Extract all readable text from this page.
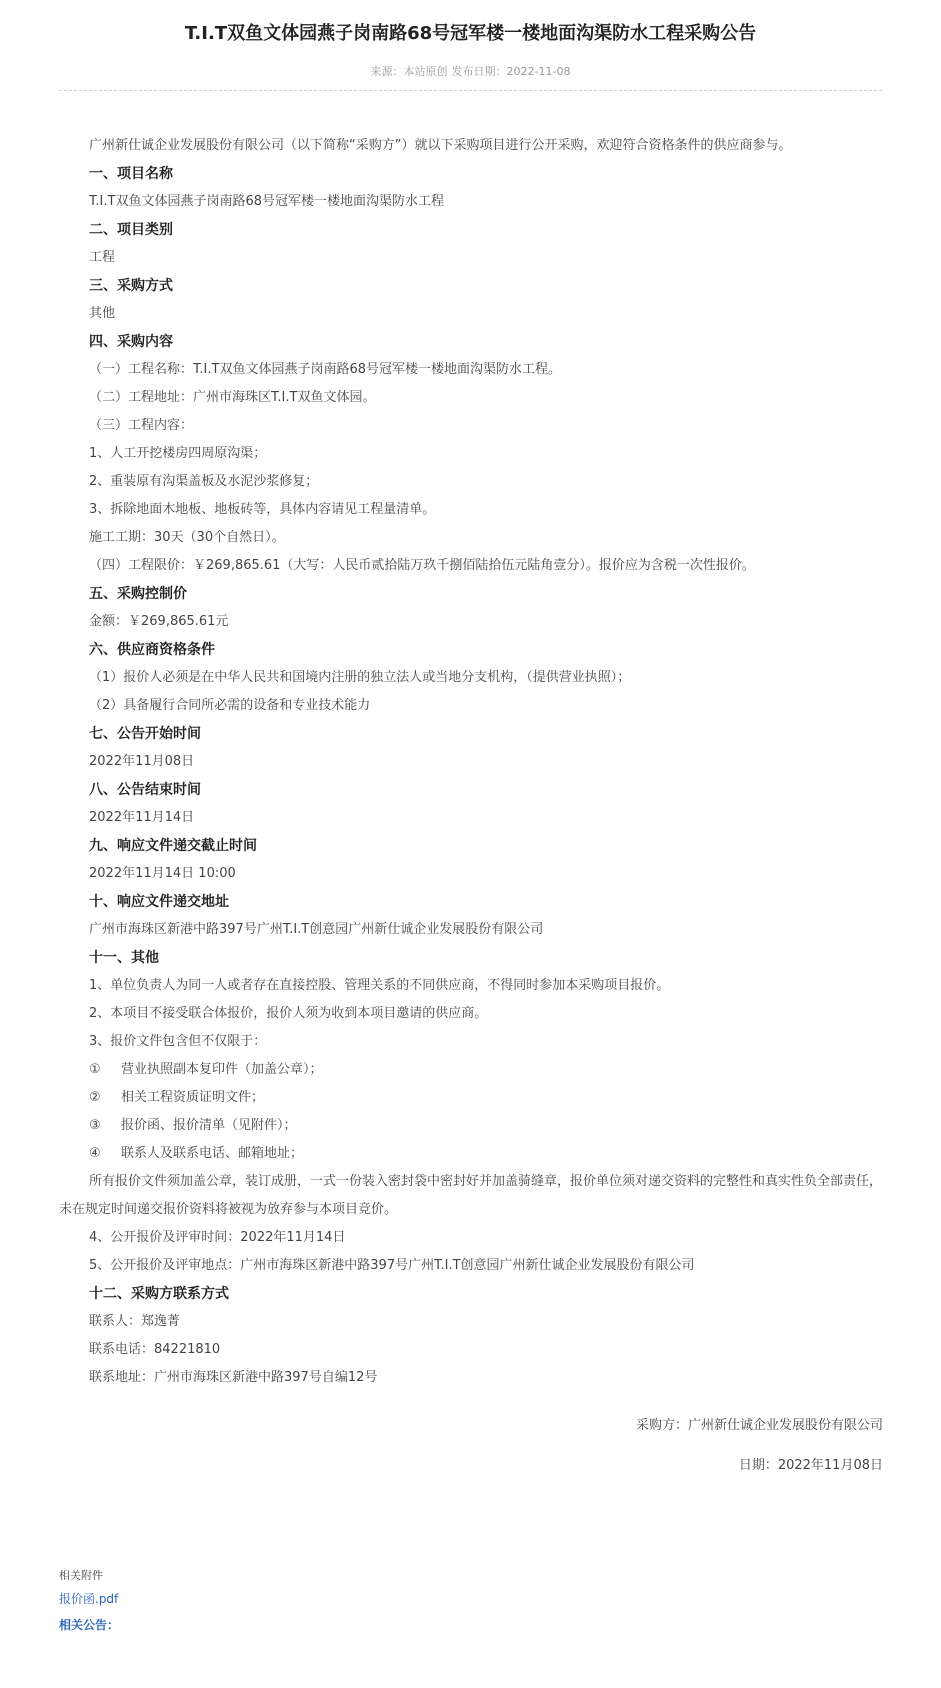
T.I.T双鱼文体园燕子岗南路68号冠军楼一楼地面沟渠防水工程采购公告
来源：本站原创 发布日期：2022-11-08

广州新仕诚企业发展股份有限公司（以下简称“采购方”）就以下采购项目进行公开采购，欢迎符合资格条件的供应商参与。

一、项目名称

T.I.T双鱼文体园燕子岗南路68号冠军楼一楼地面沟渠防水工程

二、项目类别

工程

三、采购方式

其他

四、采购内容

（一）工程名称：T.I.T双鱼文体园燕子岗南路68号冠军楼一楼地面沟渠防水工程。

（二）工程地址：广州市海珠区T.I.T双鱼文体园。

（三）工程内容：

1、人工开挖楼房四周原沟渠；

2、重装原有沟渠盖板及水泥沙浆修复；

3、拆除地面木地板、地板砖等，具体内容请见工程量清单。

施工工期：30天（30个自然日）。

（四）工程限价：￥269,865.61（大写：人民币贰拾陆万玖千捌佰陆拾伍元陆角壹分）。报价应为含税一次性报价。

五、采购控制价

金额：￥269,865.61元

六、供应商资格条件

（1）报价人必须是在中华人民共和国境内注册的独立法人或当地分支机构，（提供营业执照）；

（2）具备履行合同所必需的设备和专业技术能力

七、公告开始时间

2022年11月08日

八、公告结束时间

2022年11月14日

九、响应文件递交截止时间

2022年11月14日 10:00

十、响应文件递交地址

广州市海珠区新港中路397号广州T.I.T创意园广州新仕诚企业发展股份有限公司

十一、其他

1、单位负责人为同一人或者存在直接控股、管理关系的不同供应商，不得同时参加本采购项目报价。

2、本项目不接受联合体报价，报价人须为收到本项目邀请的供应商。

3、报价文件包含但不仅限于：

① 营业执照副本复印件（加盖公章）；

② 相关工程资质证明文件；

③ 报价函、报价清单（见附件）；

④ 联系人及联系电话、邮箱地址；

所有报价文件须加盖公章，装订成册，一式一份装入密封袋中密封好并加盖骑缝章，报价单位须对递交资料的完整性和真实性负全部责任，未在规定时间递交报价资料将被视为放弃参与本项目竞价。

4、公开报价及评审时间：2022年11月14日

5、公开报价及评审地点：广州市海珠区新港中路397号广州T.I.T创意园广州新仕诚企业发展股份有限公司

十二、采购方联系方式

联系人：郑逸菁

联系电话：84221810

联系地址：广州市海珠区新港中路397号自编12号

采购方：广州新仕诚企业发展股份有限公司
日期：2022年11月08日
相关附件
报价函.pdf
相关公告：
